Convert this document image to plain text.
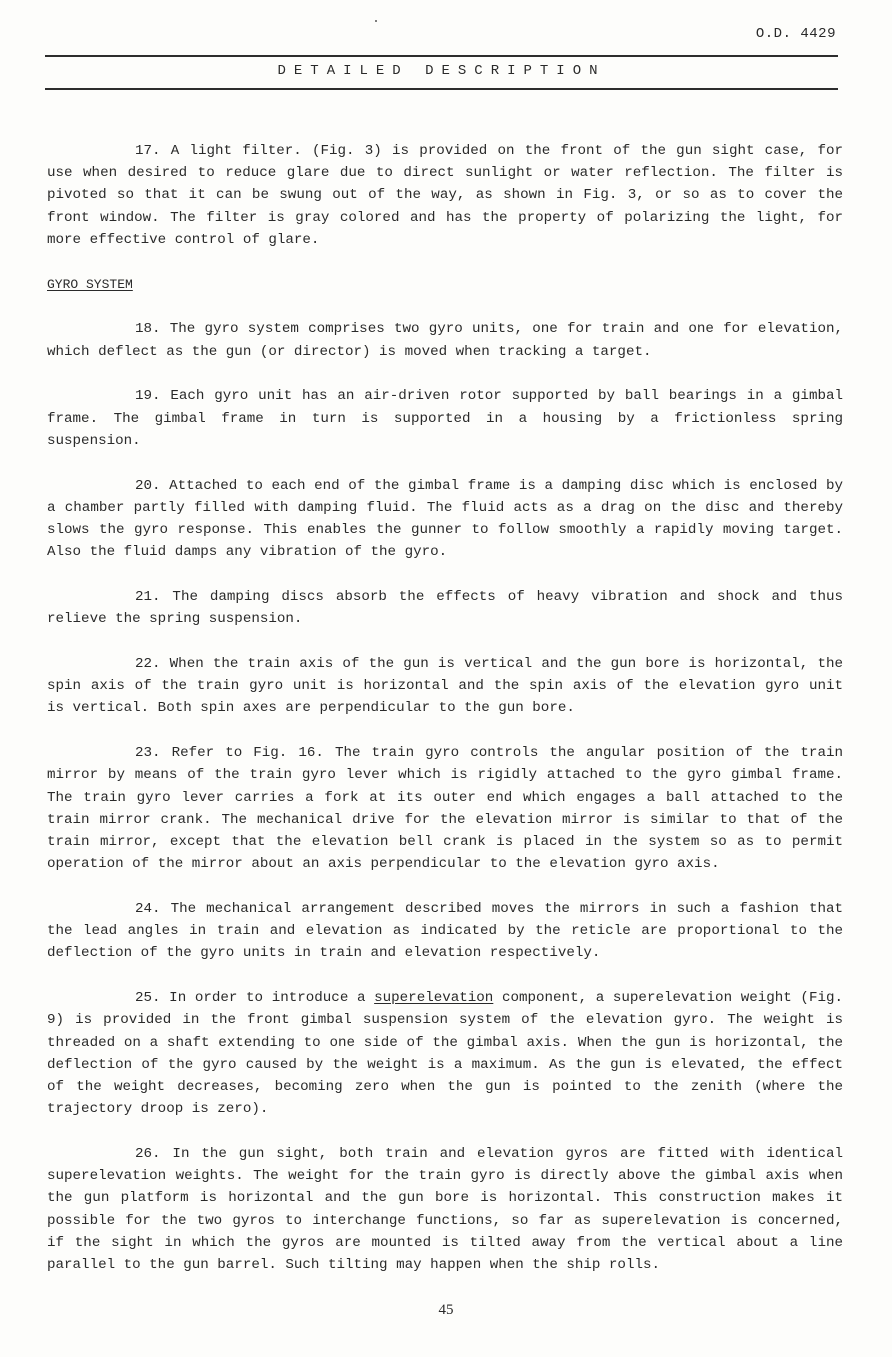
O.D. 4429
DETAILED DESCRIPTION

17. A light filter. (Fig. 3) is provided on the front of the gun sight case, for use when desired to reduce glare due to direct sunlight or water reflection. The filter is pivoted so that it can be swung out of the way, as shown in Fig. 3, or so as to cover the front window. The filter is gray colored and has the property of polarizing the light, for more effective control of glare.

GYRO SYSTEM

18. The gyro system comprises two gyro units, one for train and one for elevation, which deflect as the gun (or director) is moved when tracking a target.

19. Each gyro unit has an air-driven rotor supported by ball bearings in a gimbal frame. The gimbal frame in turn is supported in a housing by a frictionless spring suspension.

20. Attached to each end of the gimbal frame is a damping disc which is enclosed by a chamber partly filled with damping fluid. The fluid acts as a drag on the disc and thereby slows the gyro response. This enables the gunner to follow smoothly a rapidly moving target. Also the fluid damps any vibration of the gyro.

21. The damping discs absorb the effects of heavy vibration and shock and thus relieve the spring suspension.

22. When the train axis of the gun is vertical and the gun bore is horizontal, the spin axis of the train gyro unit is horizontal and the spin axis of the elevation gyro unit is vertical. Both spin axes are perpendicular to the gun bore.

23. Refer to Fig. 16. The train gyro controls the angular position of the train mirror by means of the train gyro lever which is rigidly attached to the gyro gimbal frame. The train gyro lever carries a fork at its outer end which engages a ball attached to the train mirror crank. The mechanical drive for the elevation mirror is similar to that of the train mirror, except that the elevation bell crank is placed in the system so as to permit operation of the mirror about an axis perpendicular to the elevation gyro axis.

24. The mechanical arrangement described moves the mirrors in such a fashion that the lead angles in train and elevation as indicated by the reticle are proportional to the deflection of the gyro units in train and elevation respectively.

25. In order to introduce a superelevation component, a superelevation weight (Fig. 9) is provided in the front gimbal suspension system of the elevation gyro. The weight is threaded on a shaft extending to one side of the gimbal axis. When the gun is horizontal, the deflection of the gyro caused by the weight is a maximum. As the gun is elevated, the effect of the weight decreases, becoming zero when the gun is pointed to the zenith (where the trajectory droop is zero).

26. In the gun sight, both train and elevation gyros are fitted with identical superelevation weights. The weight for the train gyro is directly above the gimbal axis when the gun platform is horizontal and the gun bore is horizontal. This construction makes it possible for the two gyros to interchange functions, so far as superelevation is concerned, if the sight in which the gyros are mounted is tilted away from the vertical about a line parallel to the gun barrel. Such tilting may happen when the ship rolls.

45
